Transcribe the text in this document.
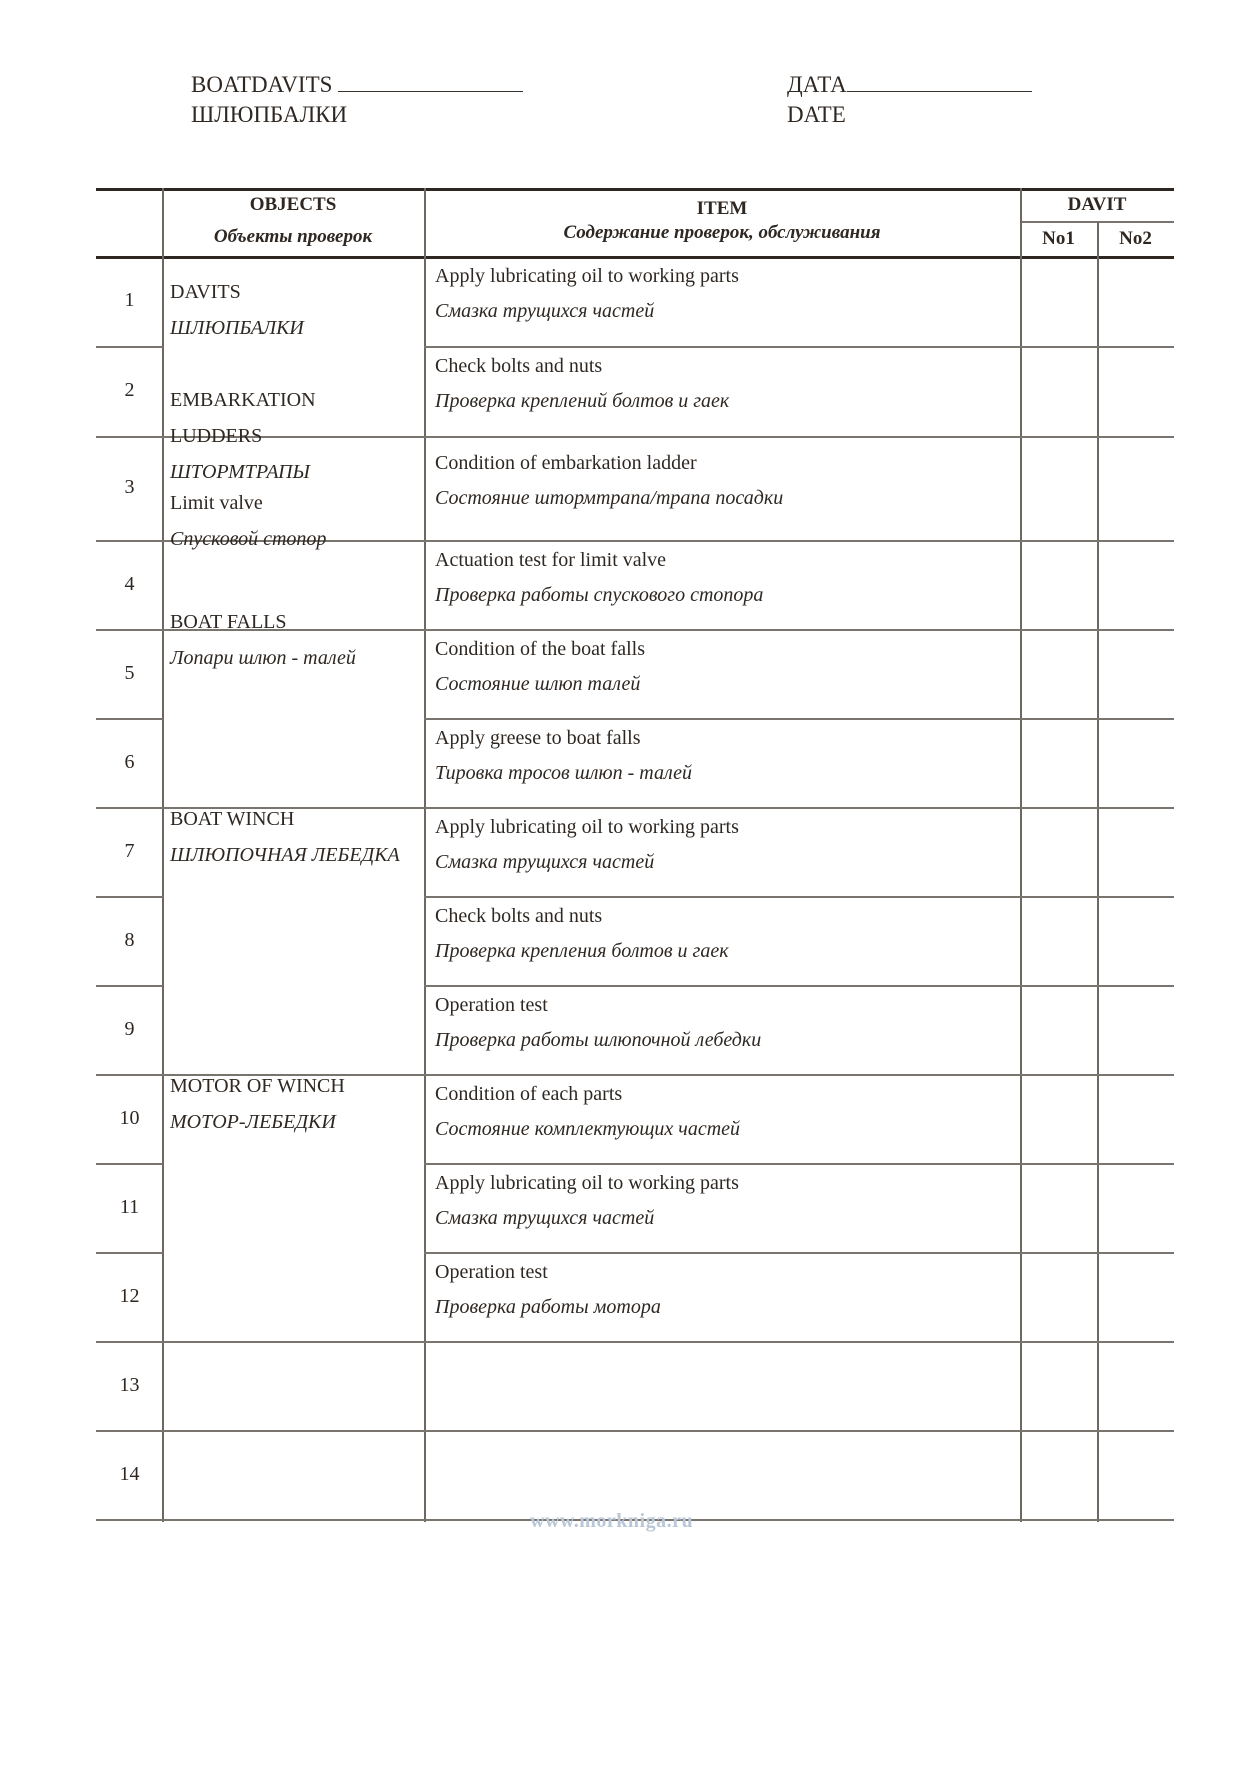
BOATDAVITS
ШЛЮПБАЛКИ
ДАТА
DATE
OBJECTS
Объекты проверок
ITEM
Содержание проверок, обслуживания
DAVIT
No1	No2
1
Apply lubricating oil to working parts
Смазка трущихся частей
2
Check bolts and nuts
Проверка креплений болтов и гаек
3
Condition of embarkation ladder
Состояние штормтрапа/трапа посадки
4
Actuation test for limit valve
Проверка работы спускового стопора
5
Condition of the boat falls
Состояние шлюп талей
6
Apply greese to boat falls
Тировка тросов шлюп - талей
7
Apply lubricating oil to working parts
Смазка трущихся частей
8
Check bolts and nuts
Проверка крепления болтов и гаек
9
Operation test
Проверка работы шлюпочной лебедки
10
Condition of each parts
Состояние комплектующих частей
11
Apply lubricating oil to working parts
Смазка трущихся частей
12
Operation test
Проверка работы мотора
13
14
DAVITS
ШЛЮПБАЛКИ
EMBARKATION
LUDDERS
ШТОРМТРАПЫ
Limit valve
Спусковой стопор
BOAT FALLS
Лопари шлюп - талей
BOAT WINCH
ШЛЮПОЧНАЯ ЛЕБЕДКА
MOTOR OF WINCH
МОТОР-ЛЕБЕДКИ
www.morkniga.ru
